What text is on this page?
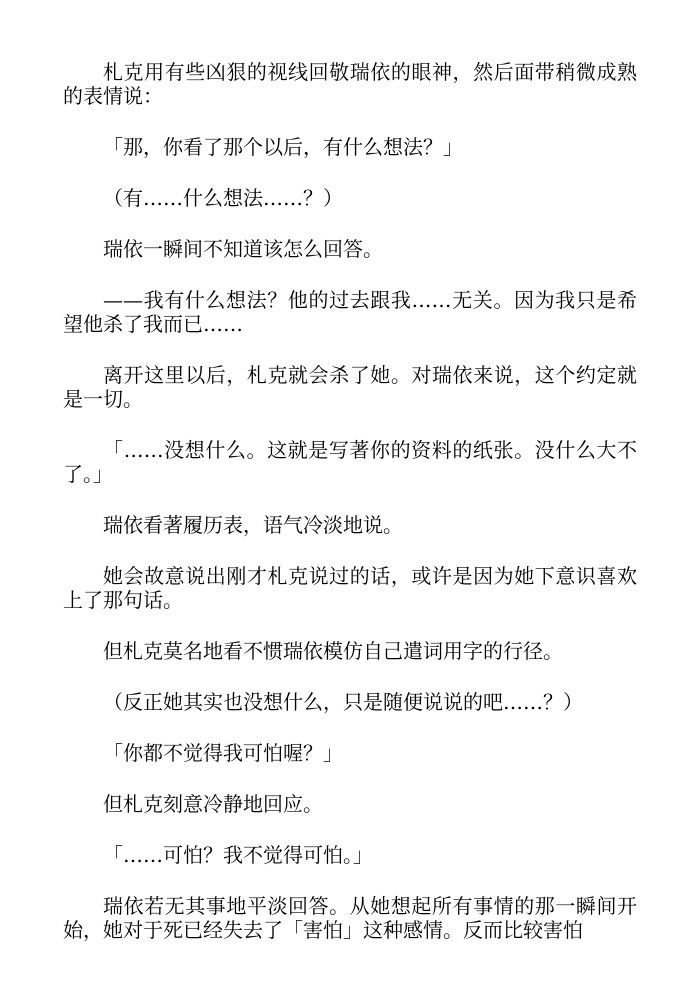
札克用有些凶狠的视线回敬瑞依的眼神，然后面带稍微成熟的表情说：

「那，你看了那个以后，有什么想法？」

（有……什么想法……？）

瑞依一瞬间不知道该怎么回答。

——我有什么想法？他的过去跟我……无关。因为我只是希望他杀了我而已……

离开这里以后，札克就会杀了她。对瑞依来说，这个约定就是一切。

「……没想什么。这就是写著你的资料的纸张。没什么大不了。」

瑞依看著履历表，语气冷淡地说。

她会故意说出刚才札克说过的话，或许是因为她下意识喜欢上了那句话。

但札克莫名地看不惯瑞依模仿自己遣词用字的行径。

（反正她其实也没想什么，只是随便说说的吧……？）

「你都不觉得我可怕喔？」

但札克刻意冷静地回应。

「……可怕？我不觉得可怕。」

瑞依若无其事地平淡回答。从她想起所有事情的那一瞬间开始，她对于死已经失去了「害怕」这种感情。反而比较害怕
